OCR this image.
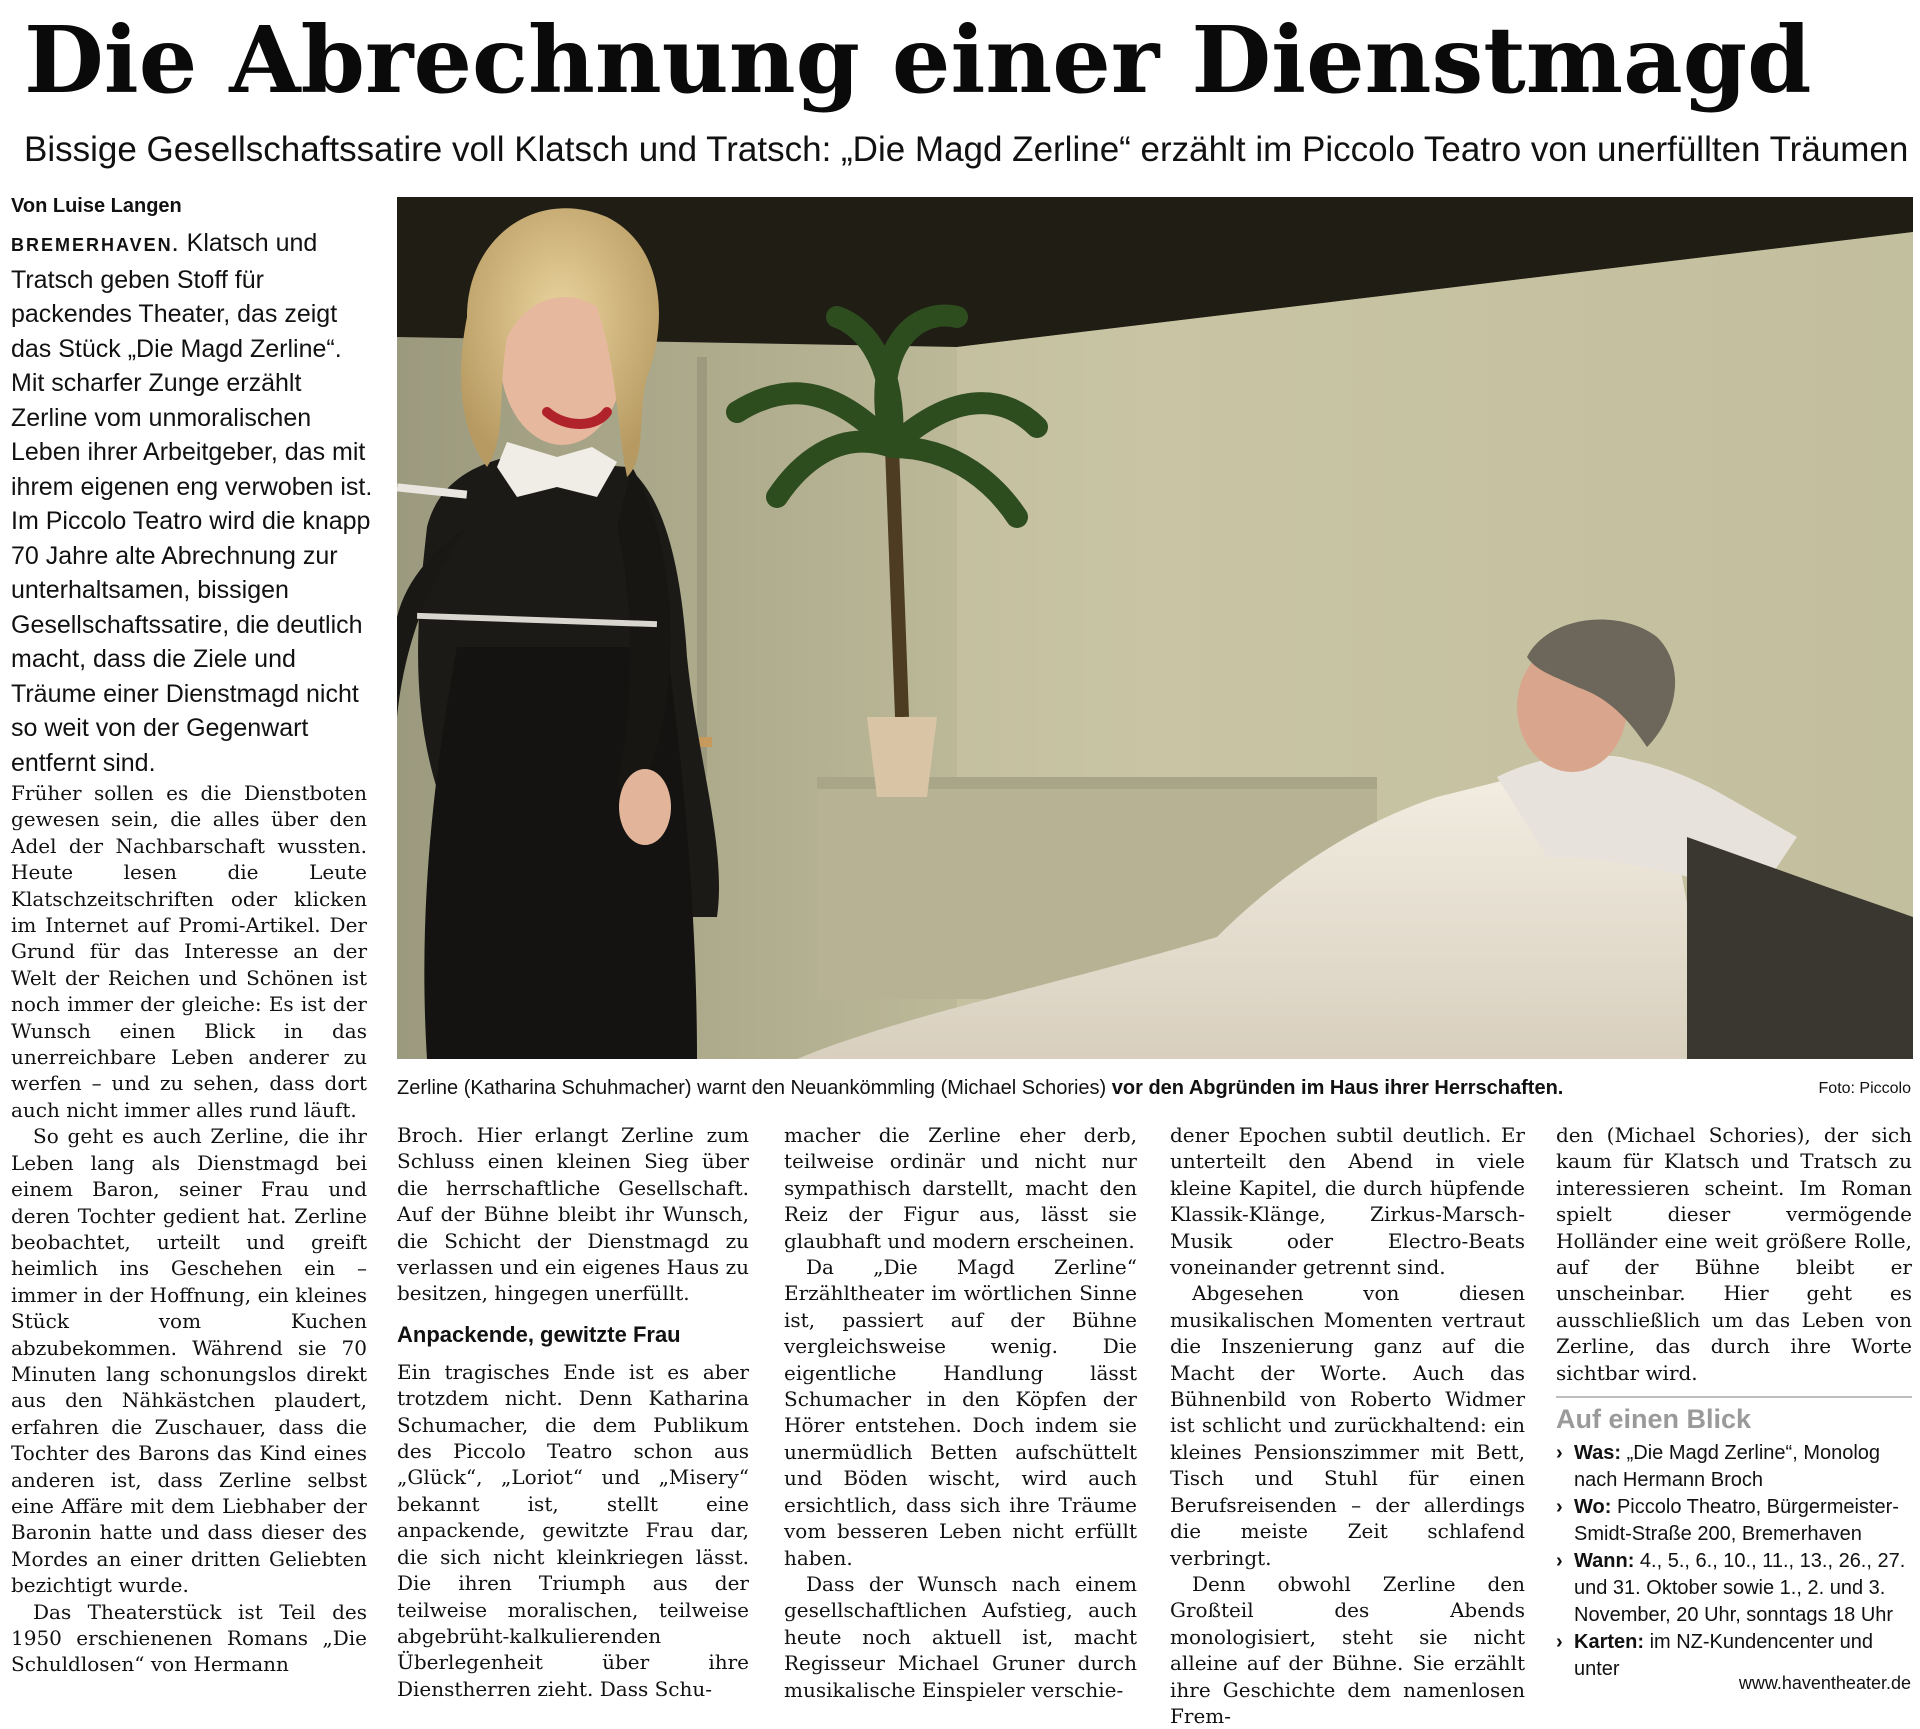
Die Abrechnung einer Dienstmagd

Bissige Gesellschaftssatire voll Klatsch und Tratsch: „Die Magd Zerline“ erzählt im Piccolo Teatro von unerfüllten Träumen

Von Luise Langen

BREMERHAVEN. Klatsch und Tratsch geben Stoff für packendes Theater, das zeigt das Stück „Die Magd Zerline“. Mit scharfer Zunge erzählt Zerline vom unmoralischen Leben ihrer Arbeitgeber, das mit ihrem eigenen eng verwoben ist. Im Piccolo Teatro wird die knapp 70 Jahre alte Abrechnung zur unterhaltsamen, bissigen Gesellschaftssatire, die deutlich macht, dass die Ziele und Träume einer Dienstmagd nicht so weit von der Gegenwart entfernt sind.

Zerline (Katharina Schuhmacher) warnt den Neuankömmling (Michael Schories) vor den Abgründen im Haus ihrer Herrschaften.	Foto: Piccolo

Früher sollen es die Dienstboten gewesen sein, die alles über den Adel der Nachbarschaft wussten. Heute lesen die Leute Klatschzeitschriften oder klicken im Internet auf Promi-Artikel. Der Grund für das Interesse an der Welt der Reichen und Schönen ist noch immer der gleiche: Es ist der Wunsch einen Blick in das unerreichbare Leben anderer zu werfen – und zu sehen, dass dort auch nicht immer alles rund läuft.

So geht es auch Zerline, die ihr Leben lang als Dienstmagd bei einem Baron, seiner Frau und deren Tochter gedient hat. Zerline beobachtet, urteilt und greift heimlich ins Geschehen ein – immer in der Hoffnung, ein kleines Stück vom Kuchen abzubekommen. Während sie 70 Minuten lang schonungslos direkt aus den Nähkästchen plaudert, erfahren die Zuschauer, dass die Tochter des Barons das Kind eines anderen ist, dass Zerline selbst eine Affäre mit dem Liebhaber der Baronin hatte und dass dieser des Mordes an einer dritten Geliebten bezichtigt wurde.

Das Theaterstück ist Teil des 1950 erschienenen Romans „Die Schuldlosen“ von Hermann

Broch. Hier erlangt Zerline zum Schluss einen kleinen Sieg über die herrschaftliche Gesellschaft. Auf der Bühne bleibt ihr Wunsch, die Schicht der Dienstmagd zu verlassen und ein eigenes Haus zu besitzen, hingegen unerfüllt.

Anpackende, gewitzte Frau

Ein tragisches Ende ist es aber trotzdem nicht. Denn Katharina Schumacher, die dem Publikum des Piccolo Teatro schon aus „Glück“, „Loriot“ und „Misery“ bekannt ist, stellt eine anpackende, gewitzte Frau dar, die sich nicht kleinkriegen lässt. Die ihren Triumph aus der teilweise moralischen, teilweise abgebrüht-kalkulierenden Überlegenheit über ihre Dienstherren zieht. Dass Schu-

macher die Zerline eher derb, teilweise ordinär und nicht nur sympathisch darstellt, macht den Reiz der Figur aus, lässt sie glaubhaft und modern erscheinen.

Da „Die Magd Zerline“ Erzähltheater im wörtlichen Sinne ist, passiert auf der Bühne vergleichsweise wenig. Die eigentliche Handlung lässt Schumacher in den Köpfen der Hörer entstehen. Doch indem sie unermüdlich Betten aufschüttelt und Böden wischt, wird auch ersichtlich, dass sich ihre Träume vom besseren Leben nicht erfüllt haben.

Dass der Wunsch nach einem gesellschaftlichen Aufstieg, auch heute noch aktuell ist, macht Regisseur Michael Gruner durch musikalische Einspieler verschie-

dener Epochen subtil deutlich. Er unterteilt den Abend in viele kleine Kapitel, die durch hüpfende Klassik-Klänge, Zirkus-Marsch-Musik oder Electro-Beats voneinander getrennt sind.

Abgesehen von diesen musikalischen Momenten vertraut die Inszenierung ganz auf die Macht der Worte. Auch das Bühnenbild von Roberto Widmer ist schlicht und zurückhaltend: ein kleines Pensionszimmer mit Bett, Tisch und Stuhl für einen Berufsreisenden – der allerdings die meiste Zeit schlafend verbringt.

Denn obwohl Zerline den Großteil des Abends monologisiert, steht sie nicht alleine auf der Bühne. Sie erzählt ihre Geschichte dem namenlosen Frem-

den (Michael Schories), der sich kaum für Klatsch und Tratsch zu interessieren scheint. Im Roman spielt dieser vermögende Holländer eine weit größere Rolle, auf der Bühne bleibt er unscheinbar. Hier geht es ausschließlich um das Leben von Zerline, das durch ihre Worte sichtbar wird.

Auf einen Blick
› Was: „Die Magd Zerline“, Monolog nach Hermann Broch
› Wo: Piccolo Theatro, Bürgermeister-Smidt-Straße 200, Bremerhaven
› Wann: 4., 5., 6., 10., 11., 13., 26., 27. und 31. Oktober sowie 1., 2. und 3. November, 20 Uhr, sonntags 18 Uhr
› Karten: im NZ-Kundencenter und unter
www.haventheater.de
